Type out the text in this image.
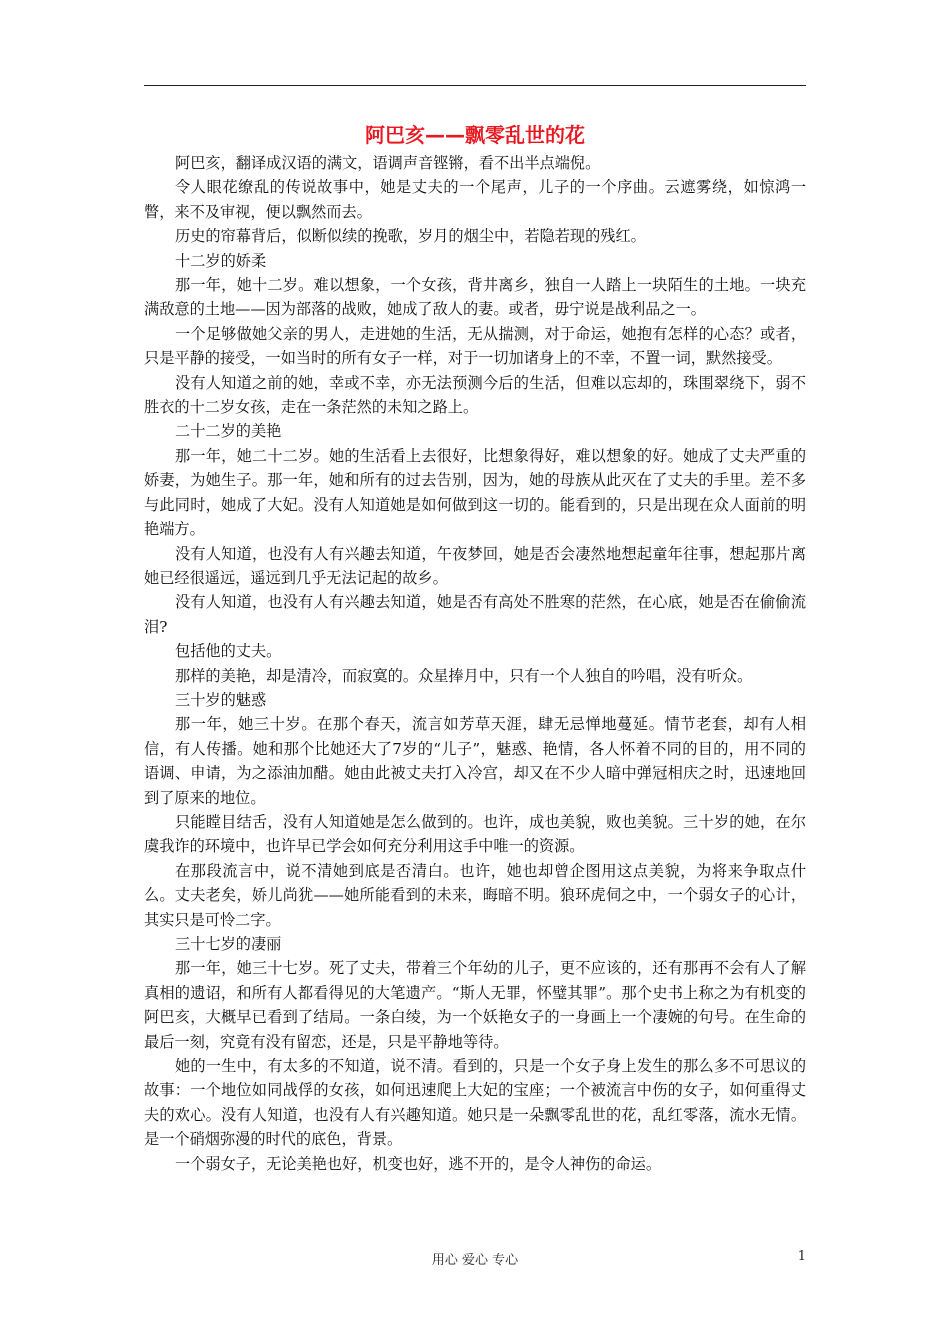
阿巴亥——飘零乱世的花

阿巴亥，翻译成汉语的满文，语调声音铿锵，看不出半点端倪。

令人眼花缭乱的传说故事中，她是丈夫的一个尾声，儿子的一个序曲。云遮雾绕，如惊鸿一瞥，来不及审视，便以飘然而去。

历史的帘幕背后，似断似续的挽歌，岁月的烟尘中，若隐若现的残红。

十二岁的娇柔

那一年，她十二岁。难以想象，一个女孩，背井离乡，独自一人踏上一块陌生的土地。一块充满敌意的土地——因为部落的战败，她成了敌人的妻。或者，毋宁说是战利品之一。

一个足够做她父亲的男人，走进她的生活，无从揣测，对于命运，她抱有怎样的心态？或者，只是平静的接受，一如当时的所有女子一样，对于一切加诸身上的不幸，不置一词，默然接受。

没有人知道之前的她，幸或不幸，亦无法预测今后的生活，但难以忘却的，珠围翠绕下，弱不胜衣的十二岁女孩，走在一条茫然的未知之路上。

二十二岁的美艳

那一年，她二十二岁。她的生活看上去很好，比想象得好，难以想象的好。她成了丈夫严重的娇妻，为她生子。那一年，她和所有的过去告别，因为，她的母族从此灭在了丈夫的手里。差不多与此同时，她成了大妃。没有人知道她是如何做到这一切的。能看到的，只是出现在众人面前的明艳端方。

没有人知道，也没有人有兴趣去知道，午夜梦回，她是否会凄然地想起童年往事，想起那片离她已经很遥远，遥远到几乎无法记起的故乡。

没有人知道，也没有人有兴趣去知道，她是否有高处不胜寒的茫然，在心底，她是否在偷偷流泪?

包括他的丈夫。

那样的美艳，却是清冷，而寂寞的。众星捧月中，只有一个人独自的吟唱，没有听众。

三十岁的魅惑

那一年，她三十岁。在那个春天，流言如芳草天涯，肆无忌惮地蔓延。情节老套，却有人相信，有人传播。她和那个比她还大了7岁的“儿子”，魅惑、艳情，各人怀着不同的目的，用不同的语调、申请，为之添油加醋。她由此被丈夫打入冷宫，却又在不少人暗中弹冠相庆之时，迅速地回到了原来的地位。

只能瞠目结舌，没有人知道她是怎么做到的。也许，成也美貌，败也美貌。三十岁的她，在尔虞我诈的环境中，也许早已学会如何充分利用这手中唯一的资源。

在那段流言中，说不清她到底是否清白。也许，她也却曾企图用这点美貌，为将来争取点什么。丈夫老矣，娇儿尚犹——她所能看到的未来，晦暗不明。狼环虎伺之中，一个弱女子的心计，其实只是可怜二字。

三十七岁的凄丽

那一年，她三十七岁。死了丈夫，带着三个年幼的儿子，更不应该的，还有那再不会有人了解真相的遗诏，和所有人都看得见的大笔遗产。“斯人无罪，怀璧其罪”。那个史书上称之为有机变的阿巴亥，大概早已看到了结局。一条白绫，为一个妖艳女子的一身画上一个凄婉的句号。在生命的最后一刻，究竟有没有留恋，还是，只是平静地等待。

她的一生中，有太多的不知道，说不清。看到的，只是一个女子身上发生的那么多不可思议的故事：一个地位如同战俘的女孩，如何迅速爬上大妃的宝座；一个被流言中伤的女子，如何重得丈夫的欢心。没有人知道，也没有人有兴趣知道。她只是一朵飘零乱世的花，乱红零落，流水无情。是一个硝烟弥漫的时代的底色，背景。

一个弱女子，无论美艳也好，机变也好，逃不开的，是令人神伤的命运。

用心 爱心 专心	1
